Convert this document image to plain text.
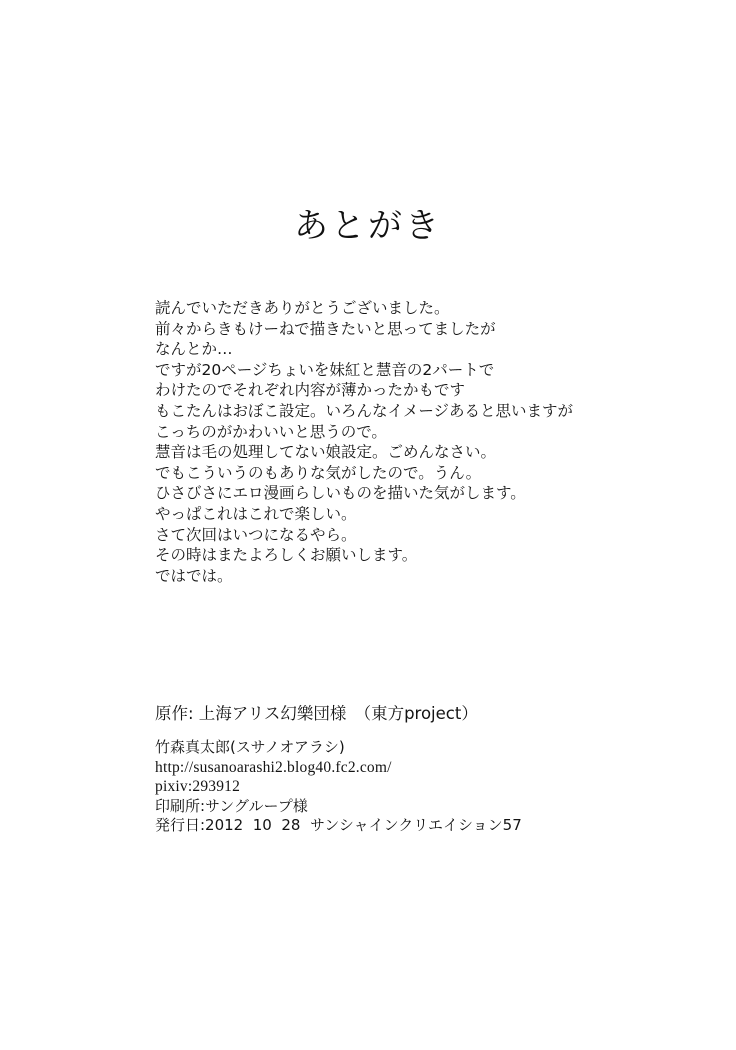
あとがき

読んでいただきありがとうございました。

前々からきもけーねで描きたいと思ってましたが

なんとか…

ですが20ページちょいを妹紅と慧音の2パートで

わけたのでそれぞれ内容が薄かったかもです

もこたんはおぼこ設定。いろんなイメージあると思いますが

こっちのがかわいいと思うので。

慧音は毛の処理してない娘設定。ごめんなさい。

でもこういうのもありな気がしたので。うん。

ひさびさにエロ漫画らしいものを描いた気がします。

やっぱこれはこれで楽しい。

さて次回はいつになるやら。

その時はまたよろしくお願いします。

ではでは。

原作: 上海アリス幻樂団様　（東方project）

竹森真太郎(スサノオアラシ)

http://susanoarashi2.blog40.fc2.com/

pixiv:293912

印刷所:サングループ様

発行日:2012  10  28  サンシャインクリエイション57
